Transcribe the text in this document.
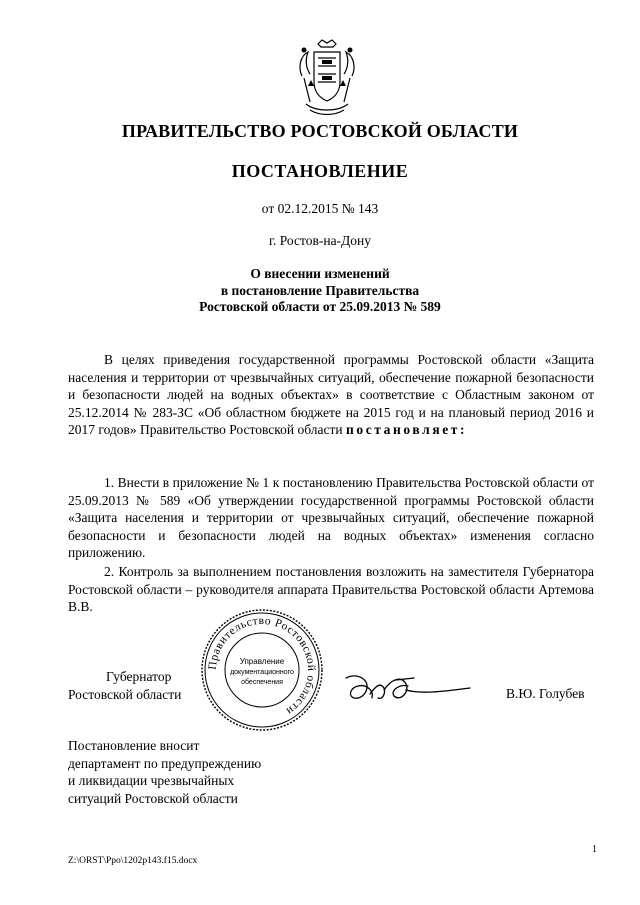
ПРАВИТЕЛЬСТВО РОСТОВСКОЙ ОБЛАСТИ
ПОСТАНОВЛЕНИЕ
от 02.12.2015 № 143
г. Ростов-на-Дону
О внесении изменений
в постановление Правительства
Ростовской области от 25.09.2013 № 589

В целях приведения государственной программы Ростовской области «Защита населения и территории от чрезвычайных ситуаций, обеспечение пожарной безопасности и безопасности людей на водных объектах» в соответствие с Областным законом от 25.12.2014 № 283-ЗС «Об областном бюджете на 2015 год и на плановый период 2016 и 2017 годов» Правительство Ростовской области постановляет:

1. Внести в приложение № 1 к постановлению Правительства Ростовской области от 25.09.2013 № 589 «Об утверждении государственной программы Ростовской области «Защита населения и территории от чрезвычайных ситуаций, обеспечение пожарной безопасности и безопасности людей на водных объектах» изменения согласно приложению.

2. Контроль за выполнением постановления возложить на заместителя Губернатора Ростовской области – руководителя аппарата Правительства Ростовской области Артемова В.В.

Губернатор
Ростовской области
Правительство Ростовской области
Управление
документационного
обеспечения
В.Ю. Голубев
Постановление вносит
департамент по предупреждению
и ликвидации чрезвычайных
ситуаций Ростовской области
1
Z:\ORST\Ppo\1202p143.f15.docx
